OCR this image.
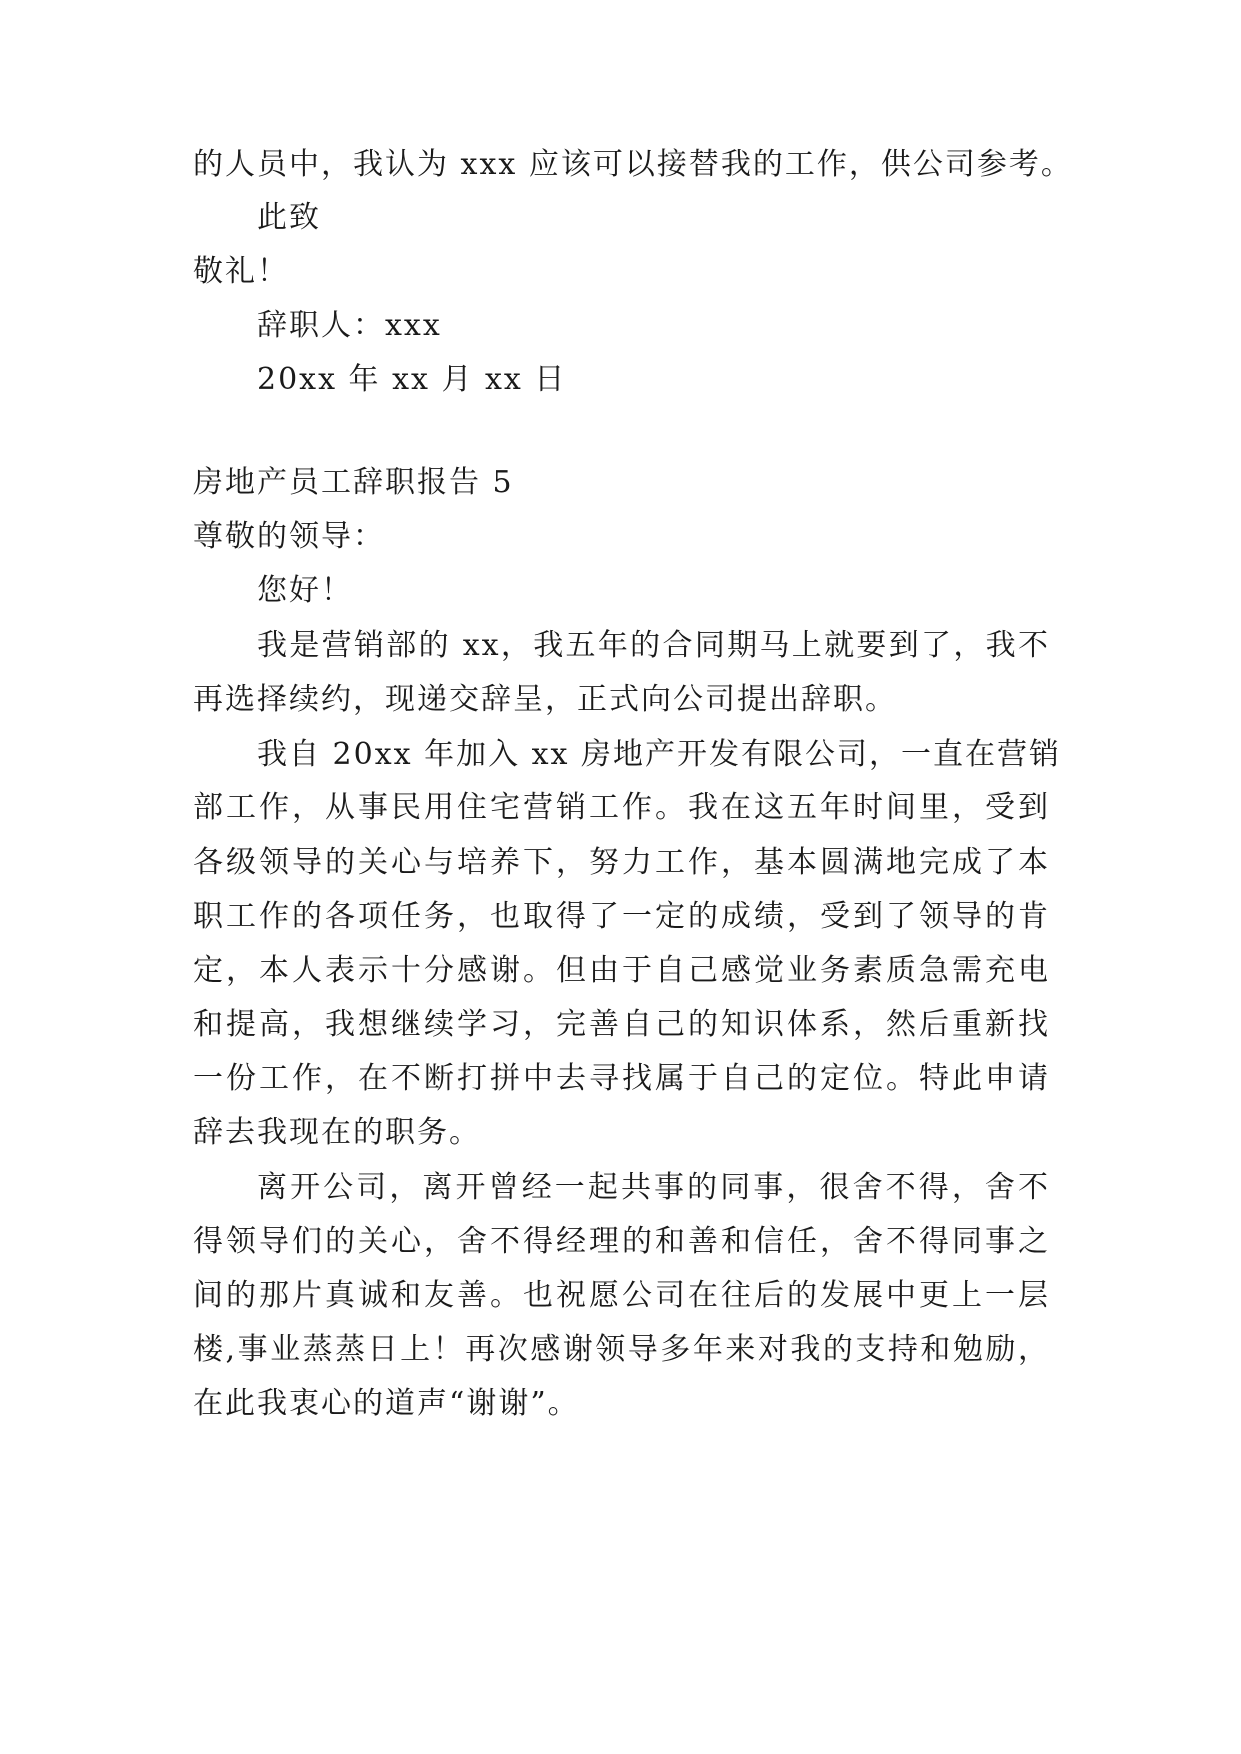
的人员中，我认为 xxx 应该可以接替我的工作，供公司参考。
此致
敬礼！
辞职人：xxx
20xx 年 xx 月 xx 日
房地产员工辞职报告 5
尊敬的领导：
您好！
我是营销部的 xx，我五年的合同期马上就要到了，我不
再选择续约，现递交辞呈，正式向公司提出辞职。
我自 20xx 年加入 xx 房地产开发有限公司，一直在营销
部工作，从事民用住宅营销工作。我在这五年时间里，受到
各级领导的关心与培养下，努力工作，基本圆满地完成了本
职工作的各项任务，也取得了一定的成绩，受到了领导的肯
定，本人表示十分感谢。但由于自己感觉业务素质急需充电
和提高，我想继续学习，完善自己的知识体系，然后重新找
一份工作，在不断打拼中去寻找属于自己的定位。特此申请
辞去我现在的职务。
离开公司，离开曾经一起共事的同事，很舍不得，舍不
得领导们的关心，舍不得经理的和善和信任，舍不得同事之
间的那片真诚和友善。也祝愿公司在往后的发展中更上一层
楼,事业蒸蒸日上！再次感谢领导多年来对我的支持和勉励，
在此我衷心的道声“谢谢”。
